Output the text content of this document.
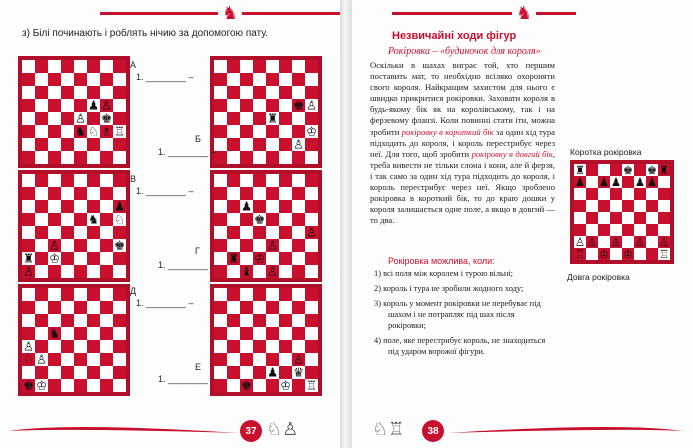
♞
з) Білі починають і роблять нічию за допомогою пату.
♟ ♙
♙ ♚
♞ ♘ ♗ ♖
А
1. ________ –
♚ ♙
♜
♔
♙
Б
1. ________ –
♟
♞ ♘
♙	♚
♜ ♔
♙
В
1. ________ –
♟
♚
♙
♙
♜ ♔
♝ ♙
Г
1. ________ –
♞
♙
♘ ♙
♚ ♔
Д
1. ________ –
♙
♟ ♛
♚ ♔ ♖
Е
1. ________ –
37 ♘♙
♞
Незвичайні ходи фігур
Рокіровка – «будиночок для короля»
Оскільки в шахах виграє той, хто першим поставить мат, то необхідно всіляко охороняти свого короля. Найкращим захистом для нього є швидко прикритися рокіровки. Заховати короля в будь-якому бік як на королівському, так і на ферзевому фланзі. Коли повинні стати іти, можна зробити рокіровку в короткий бік за один хід тура підходить до короля, і король перестрибує через неї. Для того, щоб зробити рокіровку в довгий бік, треба вивести не тільки слона і коня, але й ферзя, і так само за один хід тура підходить до короля, і король перестрибує через неї. Якщо зроблено рокіровка в короткий бік, то до краю дошки у короля залишається одне поле, а якщо в довгий — то два.
Рокіровка можлива, коли:
1) всі поля між королем і турою вільні;
2) король і тура не зробили жодного ходу;
3) король у момент рокіровки не перебуває під шахом і не потрапляє під шах після рокіровки;
4) поле, яке перестрибує король, не знаходиться під ударом ворожої фігури.
Коротка рокіровка
♜	♚ ♜
♟ ♟ ♟ ♟ ♟
♙ ♙ ♙ ♙ ♙
♖	♔ ♖
♚
♔
Довга рокіровка
♘♖	38
